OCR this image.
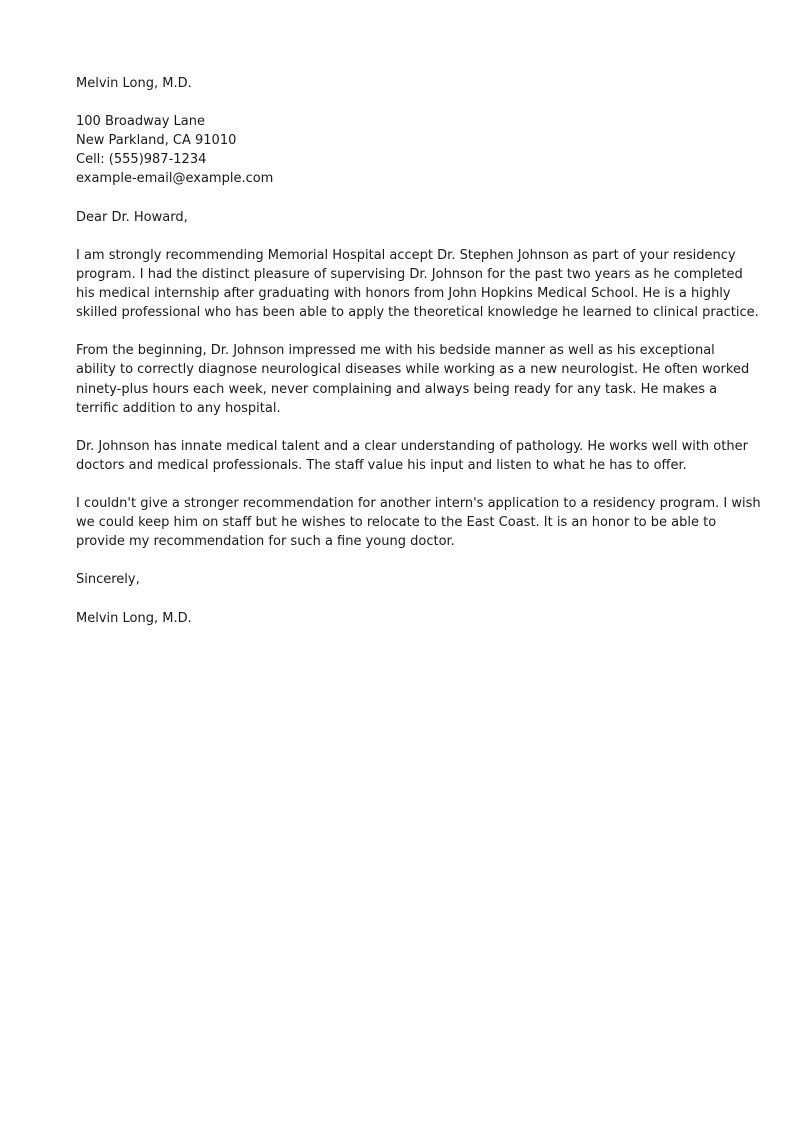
Melvin Long, M.D.
100 Broadway Lane
New Parkland, CA 91010
Cell: (555)987-1234
example-email@example.com
Dear Dr. Howard,
I am strongly recommending Memorial Hospital accept Dr. Stephen Johnson as part of your residency
program. I had the distinct pleasure of supervising Dr. Johnson for the past two years as he completed
his medical internship after graduating with honors from John Hopkins Medical School. He is a highly
skilled professional who has been able to apply the theoretical knowledge he learned to clinical practice.
From the beginning, Dr. Johnson impressed me with his bedside manner as well as his exceptional
ability to correctly diagnose neurological diseases while working as a new neurologist. He often worked
ninety-plus hours each week, never complaining and always being ready for any task. He makes a
terrific addition to any hospital.
Dr. Johnson has innate medical talent and a clear understanding of pathology. He works well with other
doctors and medical professionals. The staff value his input and listen to what he has to offer.
I couldn't give a stronger recommendation for another intern's application to a residency program. I wish
we could keep him on staff but he wishes to relocate to the East Coast. It is an honor to be able to
provide my recommendation for such a fine young doctor.
Sincerely,
Melvin Long, M.D.
